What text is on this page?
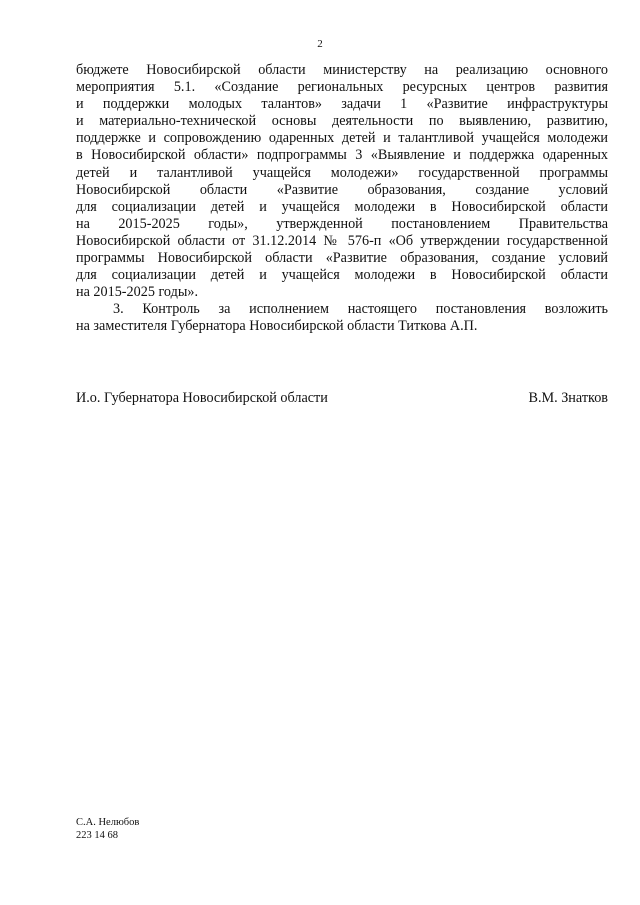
2

бюджете Новосибирской области министерству на реализацию основного
мероприятия 5.1. «Создание региональных ресурсных центров развития
и поддержки молодых талантов» задачи 1 «Развитие инфраструктуры
и материально-технической основы деятельности по выявлению, развитию,
поддержке и сопровождению одаренных детей и талантливой учащейся молодежи
в Новосибирской области» подпрограммы 3 «Выявление и поддержка одаренных
детей и талантливой учащейся молодежи» государственной программы
Новосибирской области «Развитие образования, создание условий
для социализации детей и учащейся молодежи в Новосибирской области
на 2015-2025 годы», утвержденной постановлением Правительства
Новосибирской области от 31.12.2014 № 576-п «Об утверждении государственной
программы Новосибирской области «Развитие образования, создание условий
для социализации детей и учащейся молодежи в Новосибирской области
на 2015-2025 годы».

3. Контроль за исполнением настоящего постановления возложить
на заместителя Губернатора Новосибирской области Титкова А.П.

И.о. Губернатора Новосибирской области	В.М. Знатков
С.А. Нелюбов
223 14 68
